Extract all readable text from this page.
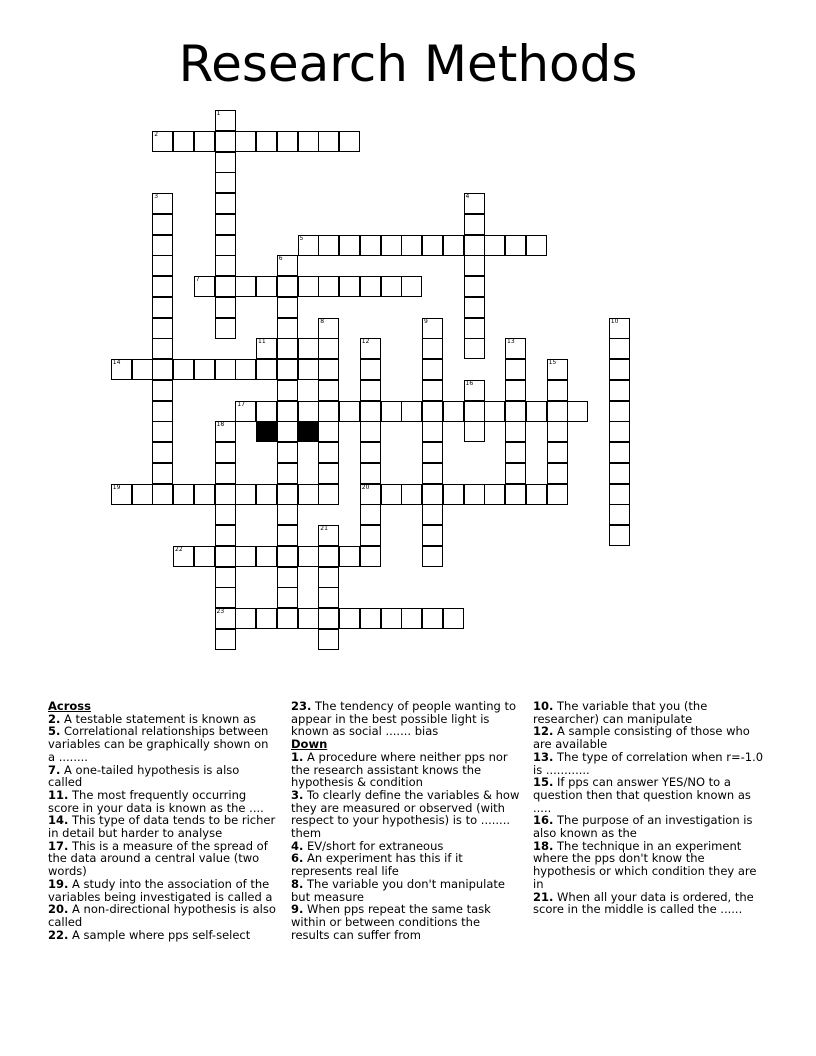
Research Methods
1
2
3	4
5
6
7
8	9	10
11	12
20
13
14	15
16
17
18
23
19
21
22
Across
2. A testable statement is known as
5. Correlational relationships between variables can be graphically shown on a ........
7. A one-tailed hypothesis is also called
11. The most frequently occurring score in your data is known as the ....
14. This type of data tends to be richer in detail but harder to analyse
17. This is a measure of the spread of the data around a central value (two words)
19. A study into the association of the variables being investigated is called a
20. A non-directional hypothesis is also called
22. A sample where pps self-select
23. The tendency of people wanting to appear in the best possible light is known as social ....... bias
Down
1. A procedure where neither pps nor the research assistant knows the hypothesis & condition
3. To clearly define the variables & how they are measured or observed (with respect to your hypothesis) is to ........ them
4. EV/short for extraneous
6. An experiment has this if it represents real life
8. The variable you don't manipulate but measure
9. When pps repeat the same task within or between conditions the results can suffer from
10. The variable that you (the researcher) can manipulate
12. A sample consisting of those who are available
13. The type of correlation when r=-1.0 is ............
15. If pps can answer YES/NO to a question then that question known as .....
16. The purpose of an investigation is also known as the
18. The technique in an experiment where the pps don't know the hypothesis or which condition they are in
21. When all your data is ordered, the score in the middle is called the ......
